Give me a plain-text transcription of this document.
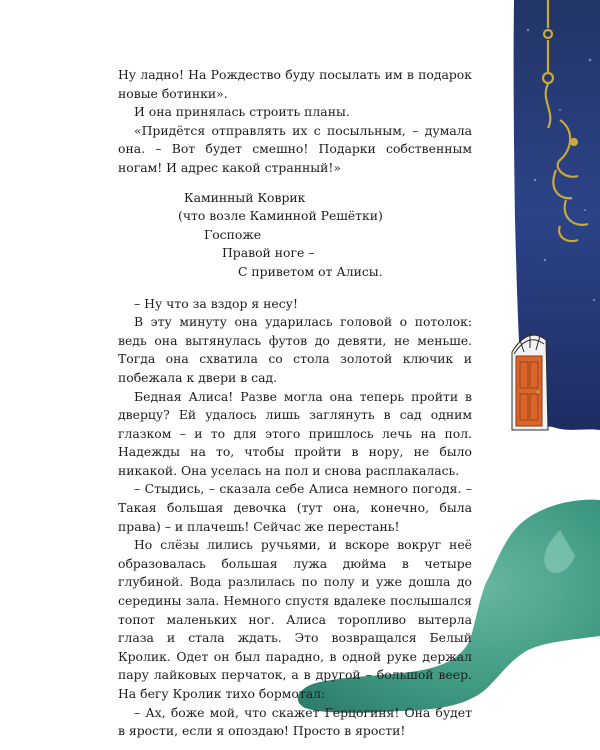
Ну ладно! На Рождество буду посылать им в подарок новые ботинки».

И она принялась строить планы.

«Придётся отправлять их с посыльным, – думала она. – Вот будет смешно! Подарки собственным ногам! И адрес какой странный!»

Каминный Коврик
(что возле Каминной Решётки)
Госпоже
Правой ноге –
С приветом от Алисы.

– Ну что за вздор я несу!

В эту минуту она ударилась головой о потолок: ведь она вытянулась футов до девяти, не меньше. Тогда она схватила со стола золотой ключик и побежала к двери в сад.

Бедная Алиса! Разве могла она теперь пройти в дверцу? Ей удалось лишь заглянуть в сад одним глазком – и то для этого пришлось лечь на пол. Надежды на то, чтобы пройти в нору, не было никакой. Она уселась на пол и снова расплакалась.

– Стыдись, – сказала себе Алиса немного погодя. – Такая большая девочка (тут она, конечно, была права) – и плачешь! Сейчас же перестань!

Но слёзы лились ручьями, и вскоре вокруг неё образовалась большая лужа дюйма в четыре глубиной. Вода разлилась по полу и уже дошла до середины зала. Немного спустя вдалеке послышался топот маленьких ног. Алиса торопливо вытерла глаза и стала ждать. Это возвращался Белый Кролик. Одет он был парадно, в одной руке держал пару лайковых перчаток, а в другой – большой веер. На бегу Кролик тихо бормотал:

– Ах, боже мой, что скажет Герцогиня! Она будет в ярости, если я опоздаю! Просто в ярости!
